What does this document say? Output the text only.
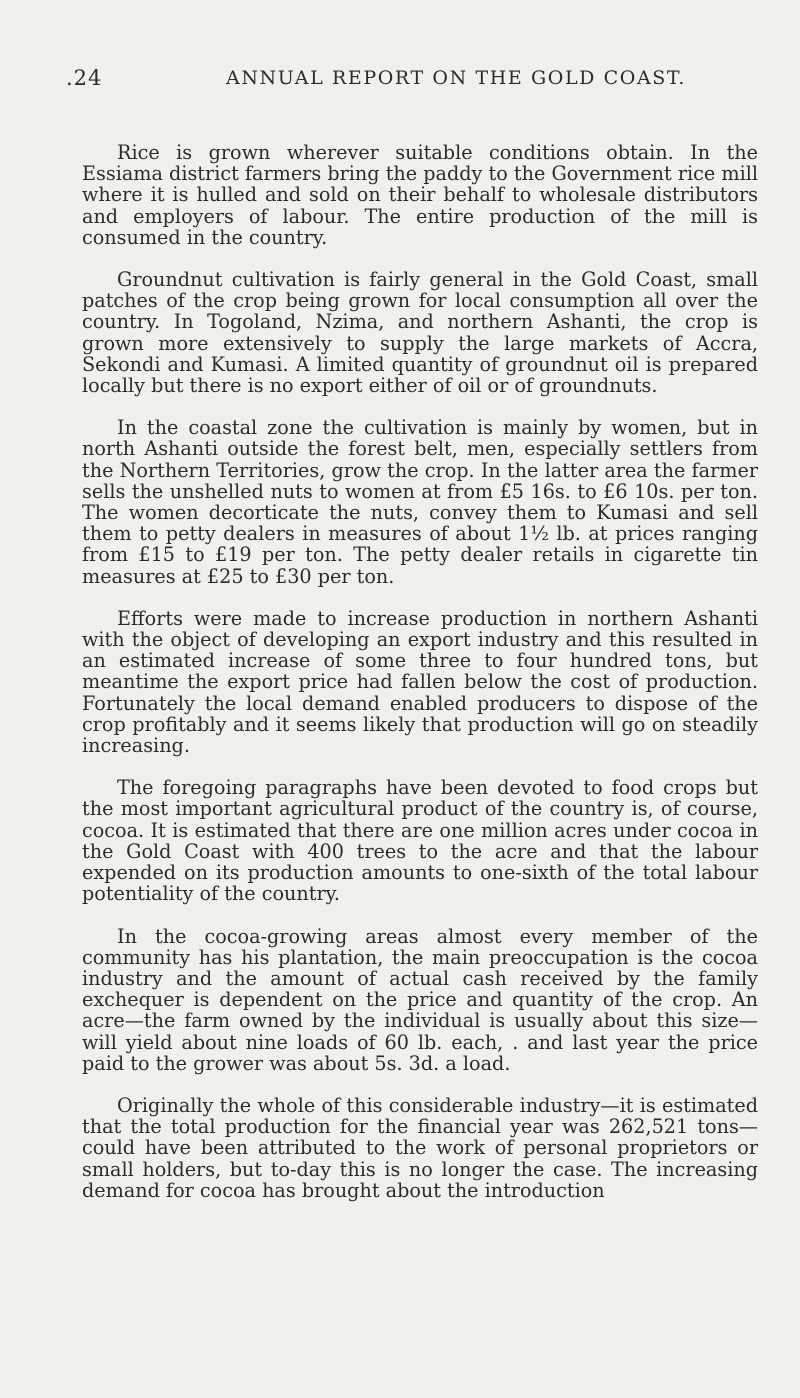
.24	ANNUAL REPORT ON THE GOLD COAST.

Rice is grown wherever suitable conditions obtain. In the Essiama district farmers bring the paddy to the Government rice mill where it is hulled and sold on their behalf to wholesale distributors and employers of labour. The entire production of the mill is consumed in the country.

Groundnut cultivation is fairly general in the Gold Coast, small patches of the crop being grown for local consumption all over the country. In Togoland, Nzima, and northern Ashanti, the crop is grown more extensively to supply the large markets of Accra, Sekondi and Kumasi. A limited quantity of groundnut oil is prepared locally but there is no export either of oil or of groundnuts.

In the coastal zone the cultivation is mainly by women, but in north Ashanti outside the forest belt, men, especially settlers from the Northern Territories, grow the crop. In the latter area the farmer sells the unshelled nuts to women at from £5 16s. to £6 10s. per ton. The women decorticate the nuts, convey them to Kumasi and sell them to petty dealers in measures of about 1½ lb. at prices ranging from £15 to £19 per ton. The petty dealer retails in cigarette tin measures at £25 to £30 per ton.

Efforts were made to increase production in northern Ashanti with the object of developing an export industry and this resulted in an estimated increase of some three to four hundred tons, but meantime the export price had fallen below the cost of production. Fortunately the local demand enabled producers to dispose of the crop profitably and it seems likely that production will go on steadily increasing.

The foregoing paragraphs have been devoted to food crops but the most important agricultural product of the country is, of course, cocoa. It is estimated that there are one million acres under cocoa in the Gold Coast with 400 trees to the acre and that the labour expended on its production amounts to one-sixth of the total labour potentiality of the country.

In the cocoa-growing areas almost every member of the community has his plantation, the main preoccupation is the cocoa industry and the amount of actual cash received by the family exchequer is dependent on the price and quantity of the crop. An acre—the farm owned by the individual is usually about this size—will yield about nine loads of 60 lb. each, . and last year the price paid to the grower was about 5s. 3d. a load.

Originally the whole of this considerable industry—it is estimated that the total production for the financial year was 262,521 tons—could have been attributed to the work of personal proprietors or small holders, but to-day this is no longer the case. The increasing demand for cocoa has brought about the introduction
